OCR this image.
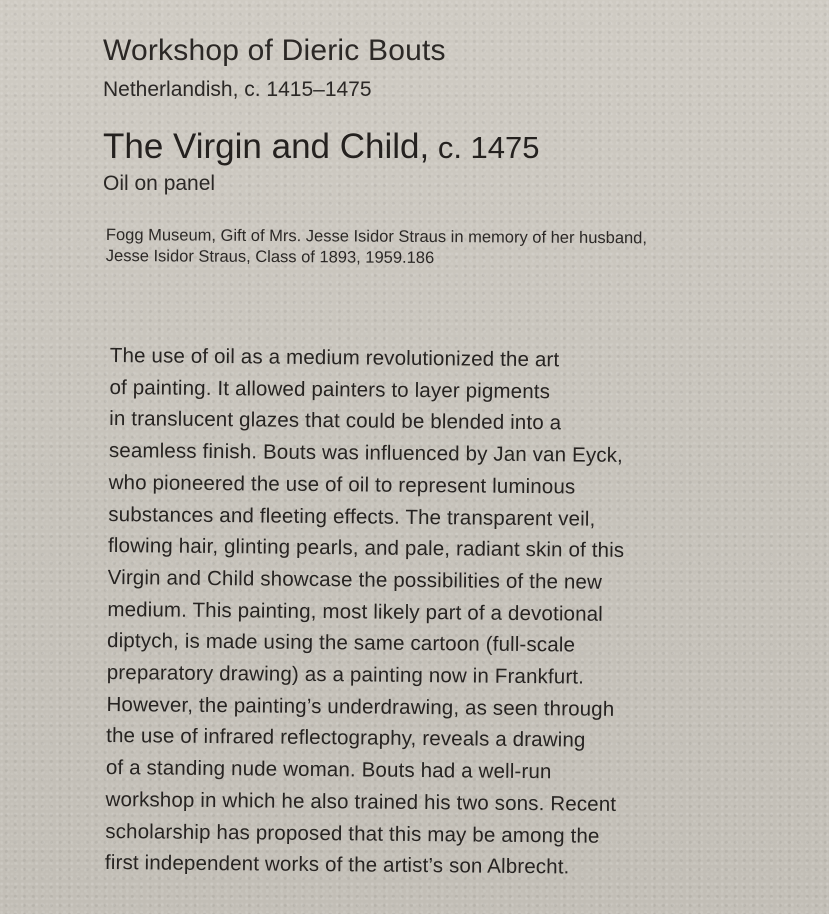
Workshop of Dieric Bouts
Netherlandish, c. 1415–1475
The Virgin and Child, c. 1475
Oil on panel
Fogg Museum, Gift of Mrs. Jesse Isidor Straus in memory of her husband,
Jesse Isidor Straus, Class of 1893, 1959.186
The use of oil as a medium revolutionized the art
of painting. It allowed painters to layer pigments
in translucent glazes that could be blended into a
seamless finish. Bouts was influenced by Jan van Eyck,
who pioneered the use of oil to represent luminous
substances and fleeting effects. The transparent veil,
flowing hair, glinting pearls, and pale, radiant skin of this
Virgin and Child showcase the possibilities of the new
medium. This painting, most likely part of a devotional
diptych, is made using the same cartoon (full-scale
preparatory drawing) as a painting now in Frankfurt.
However, the painting’s underdrawing, as seen through
the use of infrared reflectography, reveals a drawing
of a standing nude woman. Bouts had a well-run
workshop in which he also trained his two sons. Recent
scholarship has proposed that this may be among the
first independent works of the artist’s son Albrecht.
